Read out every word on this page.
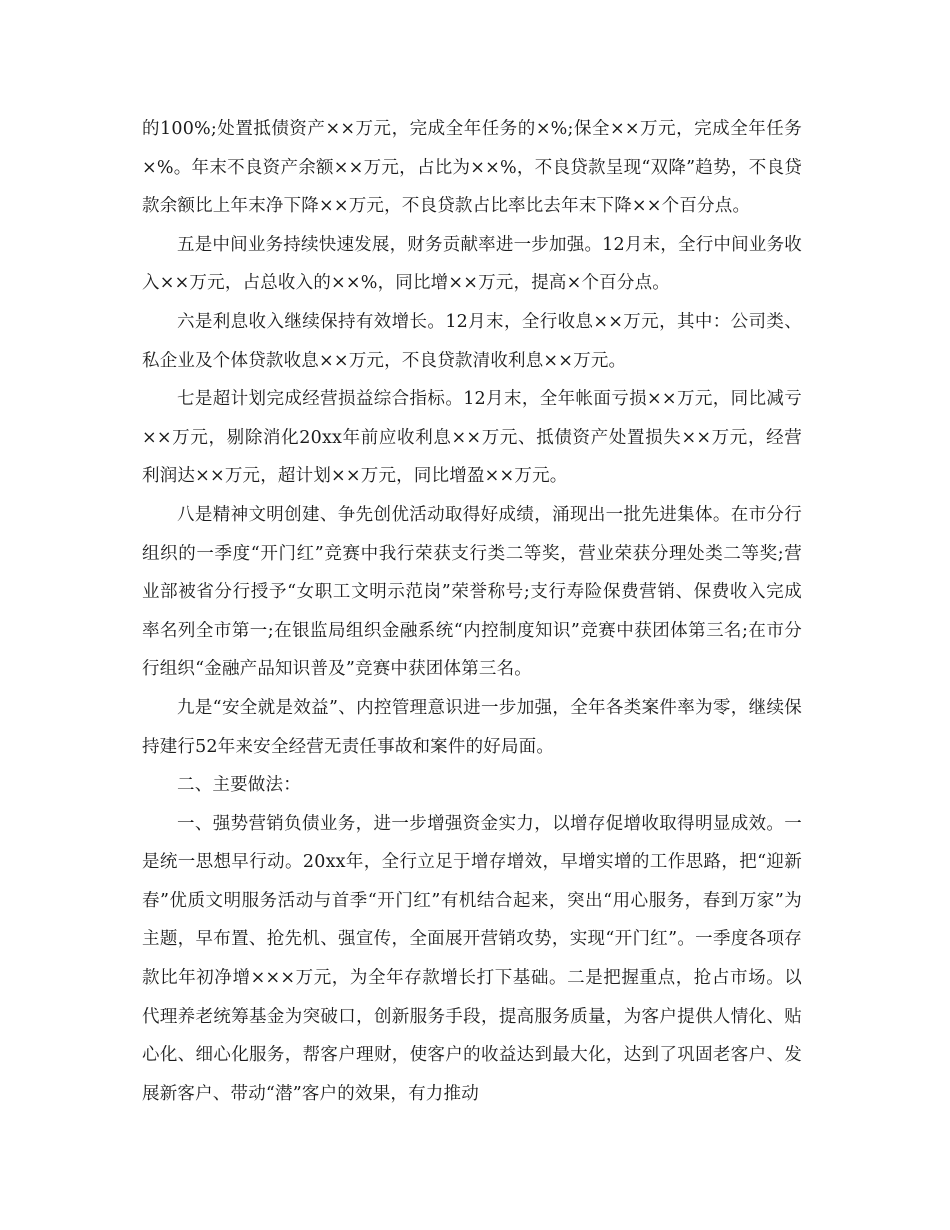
的100%;处置抵债资产××万元，完成全年任务的×%;保全××万元，完成全年任务×%。年末不良资产余额××万元，占比为××%，不良贷款呈现“双降”趋势，不良贷款余额比上年末净下降××万元，不良贷款占比率比去年末下降××个百分点。

五是中间业务持续快速发展，财务贡献率进一步加强。12月末，全行中间业务收入××万元，占总收入的××%，同比增××万元，提高×个百分点。

六是利息收入继续保持有效增长。12月末，全行收息××万元，其中：公司类、私企业及个体贷款收息××万元，不良贷款清收利息××万元。

七是超计划完成经营损益综合指标。12月末，全年帐面亏损××万元，同比减亏××万元，剔除消化20xx年前应收利息××万元、抵债资产处置损失××万元，经营利润达××万元，超计划××万元，同比增盈××万元。

八是精神文明创建、争先创优活动取得好成绩，涌现出一批先进集体。在市分行组织的一季度“开门红”竞赛中我行荣获支行类二等奖，营业荣获分理处类二等奖;营业部被省分行授予“女职工文明示范岗”荣誉称号;支行寿险保费营销、保费收入完成率名列全市第一;在银监局组织金融系统“内控制度知识”竞赛中获团体第三名;在市分行组织“金融产品知识普及”竞赛中获团体第三名。

九是“安全就是效益”、内控管理意识进一步加强，全年各类案件率为零，继续保持建行52年来安全经营无责任事故和案件的好局面。

二、主要做法：

一、强势营销负债业务，进一步增强资金实力，以增存促增收取得明显成效。一是统一思想早行动。20xx年，全行立足于增存增效，早增实增的工作思路，把“迎新春”优质文明服务活动与首季“开门红”有机结合起来，突出“用心服务，春到万家”为主题，早布置、抢先机、强宣传，全面展开营销攻势，实现“开门红”。一季度各项存款比年初净增×××万元，为全年存款增长打下基础。二是把握重点，抢占市场。以代理养老统筹基金为突破口，创新服务手段，提高服务质量，为客户提供人情化、贴心化、细心化服务，帮客户理财，使客户的收益达到最大化，达到了巩固老客户、发展新客户、带动“潜”客户的效果，有力推动
